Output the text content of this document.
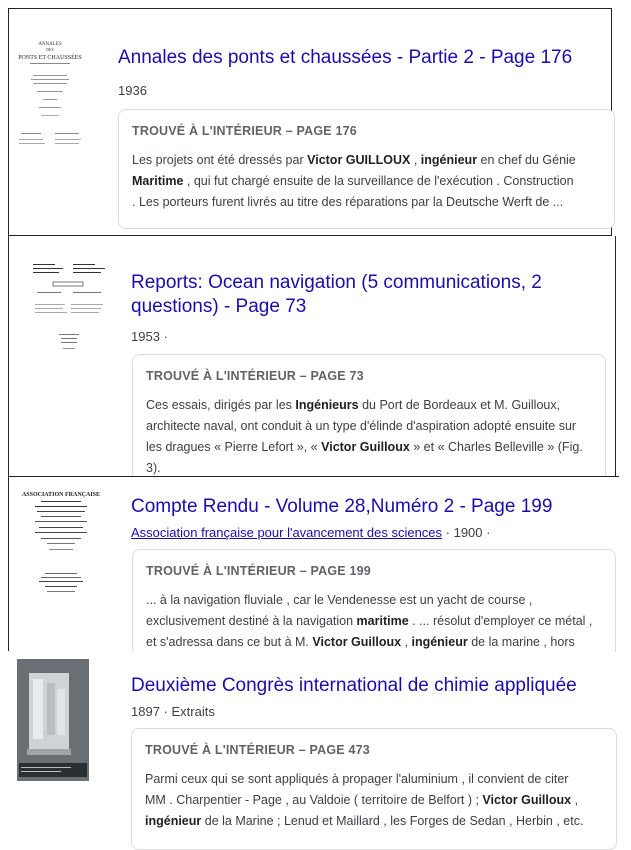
ANNALES
DES
PONTS ET CHAUSSÉES Annales des ponts et chaussées - Partie 2 - Page 176
1936
TROUVÉ À L'INTÉRIEUR – PAGE 176
Les projets ont été dressés par Victor GUILLOUX , ingénieur en chef du Génie
Maritime , qui fut chargé ensuite de la surveillance de l'exécution . Construction
. Les porteurs furent livrés au titre des réparations par la Deutsche Werft de ...
Reports: Ocean navigation (5 communications, 2 questions) - Page 73
1953 ·
TROUVÉ À L'INTÉRIEUR – PAGE 73
Ces essais, dirigés par les Ingénieurs du Port de Bordeaux et M. Guilloux,
architecte naval, ont conduit à un type d'élinde d'aspiration adopté ensuite sur
les dragues « Pierre Lefort », « Victor Guilloux » et « Charles Belleville » (Fig.
3).
ASSOCIATION FRANÇAISE
Compte Rendu - Volume 28,Numéro 2 - Page 199
Association française pour l'avancement des sciences · 1900 ·
TROUVÉ À L'INTÉRIEUR – PAGE 199
... à la navigation fluviale , car le Vendenesse est un yacht de course ,
exclusivement destiné à la navigation maritime . ... résolut d'employer ce métal ,
et s'adressa dans ce but à M. Victor Guilloux , ingénieur de la marine , hors

Deuxième Congrès international de chimie appliquée
1897 · Extraits
TROUVÉ À L'INTÉRIEUR – PAGE 473
Parmi ceux qui se sont appliqués à propager l'aluminium , il convient de citer
MM . Charpentier - Page , au Valdoie ( territoire de Belfort ) ; Victor Guilloux ,
ingénieur de la Marine ; Lenud et Maillard , les Forges de Sedan , Herbin , etc.
